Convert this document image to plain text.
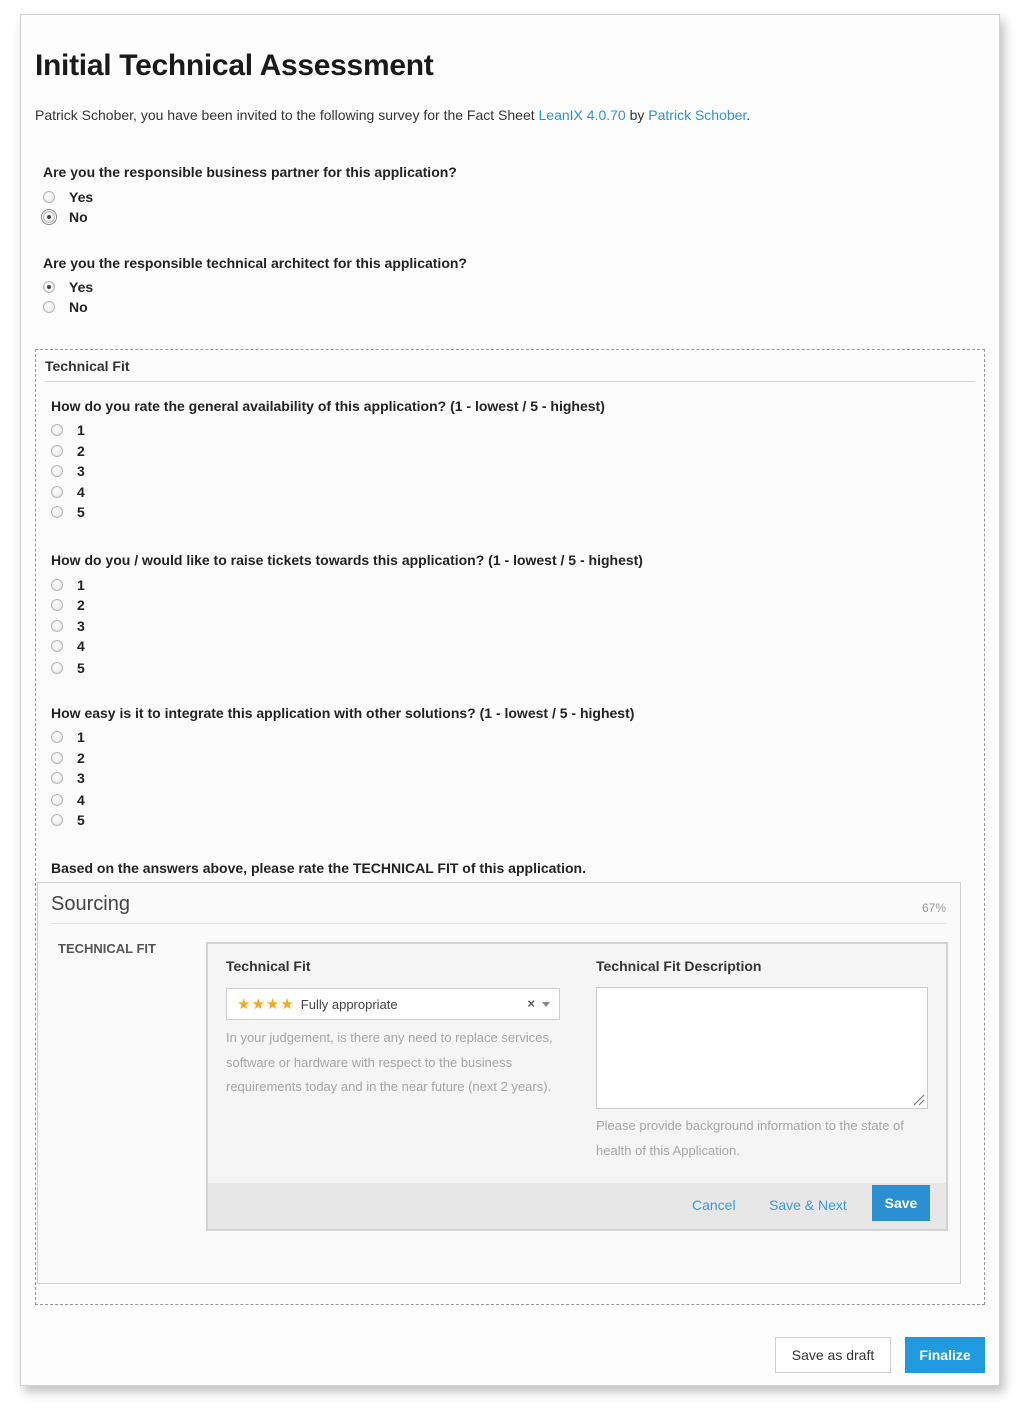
Initial Technical Assessment
Patrick Schober, you have been invited to the following survey for the Fact Sheet LeanIX 4.0.70 by Patrick Schober.
Are you the responsible business partner for this application?
Yes
No
Are you the responsible technical architect for this application?
Yes
No
Technical Fit
How do you rate the general availability of this application? (1 - lowest / 5 - highest)
1
2
3
4
5
How do you / would like to raise tickets towards this application? (1 - lowest / 5 - highest)
1
2
3
4
5
How easy is it to integrate this application with other solutions? (1 - lowest / 5 - highest)
1
2
3
4
5
Based on the answers above, please rate the TECHNICAL FIT of this application.
Sourcing	67%
TECHNICAL FIT
Technical Fit
★★★★ Fully appropriate	×
In your judgement, is there any need to replace services, software or hardware with respect to the business requirements today and in the near future (next 2 years).
Technical Fit Description
Please provide background information to the state of health of this Application.
Cancel Save & Next	Save
Save as draft	Finalize
